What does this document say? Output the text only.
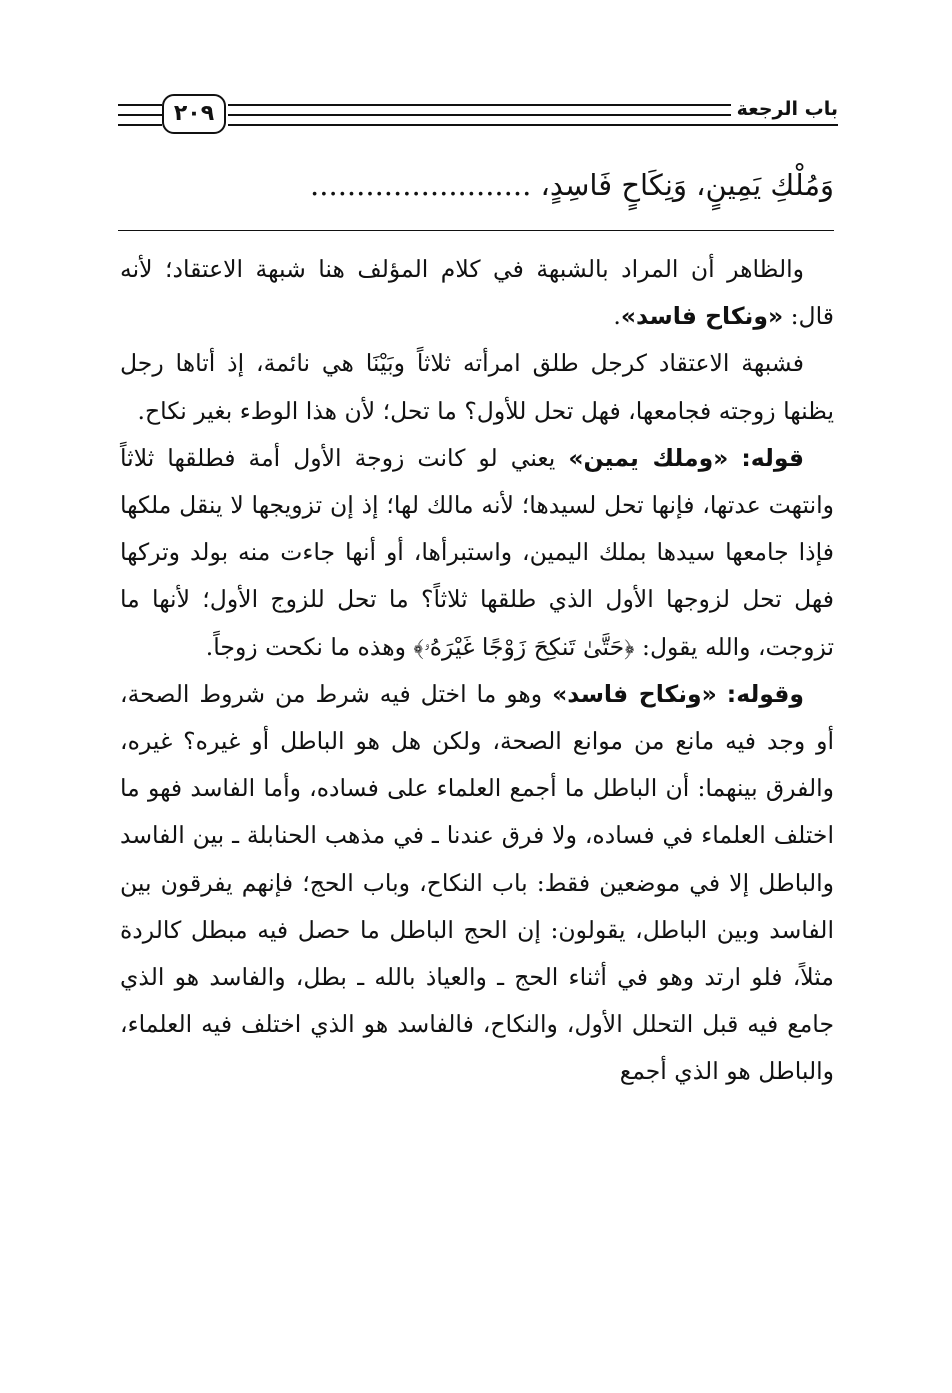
٢٠٩	باب الرجعة
وَمُلْكِ يَمِينٍ، وَنِكَاحٍ فَاسِدٍ، ........................

والظاهر أن المراد بالشبهة في كلام المؤلف هنا شبهة الاعتقاد؛ لأنه قال: «ونكاح فاسد».

فشبهة الاعتقاد كرجل طلق امرأته ثلاثاً وبَيْنَا هي نائمة، إذ أتاها رجل يظنها زوجته فجامعها، فهل تحل للأول؟ ما تحل؛ لأن هذا الوطء بغير نكاح.

قوله: «وملك يمين» يعني لو كانت زوجة الأول أمة فطلقها ثلاثاً وانتهت عدتها، فإنها تحل لسيدها؛ لأنه مالك لها؛ إذ إن تزويجها لا ينقل ملكها فإذا جامعها سيدها بملك اليمين، واستبرأها، أو أنها جاءت منه بولد وتركها فهل تحل لزوجها الأول الذي طلقها ثلاثاً؟ ما تحل للزوج الأول؛ لأنها ما تزوجت، والله يقول: ﴿حَتَّىٰ تَنكِحَ زَوْجًا غَيْرَهُۥ﴾ وهذه ما نكحت زوجاً.

وقوله: «ونكاح فاسد» وهو ما اختل فيه شرط من شروط الصحة، أو وجد فيه مانع من موانع الصحة، ولكن هل هو الباطل أو غيره؟ غيره، والفرق بينهما: أن الباطل ما أجمع العلماء على فساده، وأما الفاسد فهو ما اختلف العلماء في فساده، ولا فرق عندنا ـ في مذهب الحنابلة ـ بين الفاسد والباطل إلا في موضعين فقط: باب النكاح، وباب الحج؛ فإنهم يفرقون بين الفاسد وبين الباطل، يقولون: إن الحج الباطل ما حصل فيه مبطل كالردة مثلاً، فلو ارتد وهو في أثناء الحج ـ والعياذ بالله ـ بطل، والفاسد هو الذي جامع فيه قبل التحلل الأول، والنكاح، فالفاسد هو الذي اختلف فيه العلماء، والباطل هو الذي أجمع
